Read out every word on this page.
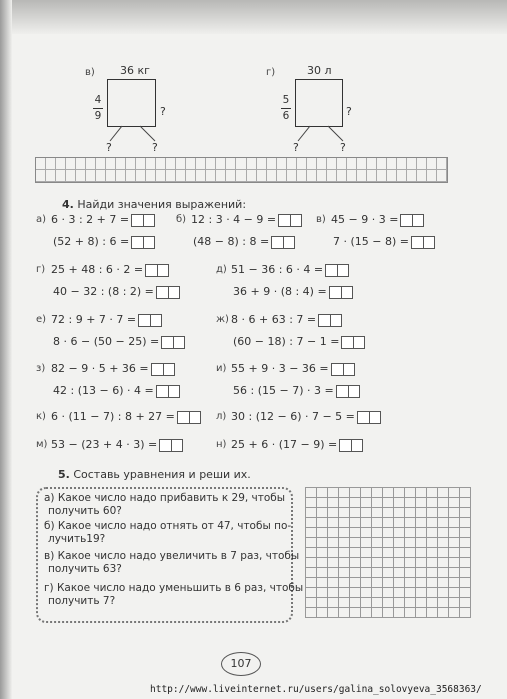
в) 36 кг
4
9	?
?	?
г)	30 л
5
6	?
?	?
4. Найди значения выражений:
а) 6 · 3 : 2 + 7 =
(52 + 8) : 6 =
б) 12 : 3 · 4 − 9 =
(48 − 8) : 8 =
в) 45 − 9 · 3 =
7 · (15 − 8) =
г) 25 + 48 : 6 · 2 =
40 − 32 : (8 : 2) =
д) 51 − 36 : 6 · 4 =
36 + 9 · (8 : 4) =
е) 72 : 9 + 7 · 7 =
8 · 6 − (50 − 25) =
ж) 8 · 6 + 63 : 7 =
(60 − 18) : 7 − 1 =
з) 82 − 9 · 5 + 36 =
42 : (13 − 6) · 4 =
и) 55 + 9 · 3 − 36 =
56 : (15 − 7) · 3 =
к) 6 · (11 − 7) : 8 + 27 =	л) 30 : (12 − 6) · 7 − 5 =
м) 53 − (23 + 4 · 3) =	н) 25 + 6 · (17 − 9) =
5. Составь уравнения и реши их.
а) Какое число надо прибавить к 29, чтобы
получить 60?
б) Какое число надо отнять от 47, чтобы по-
лучить19?
в) Какое число надо увеличить в 7 раз, чтобы
получить 63?
г) Какое число надо уменьшить в 6 раз, чтобы
получить 7?
107
http://www.liveinternet.ru/users/galina_solovyeva_3568363/
